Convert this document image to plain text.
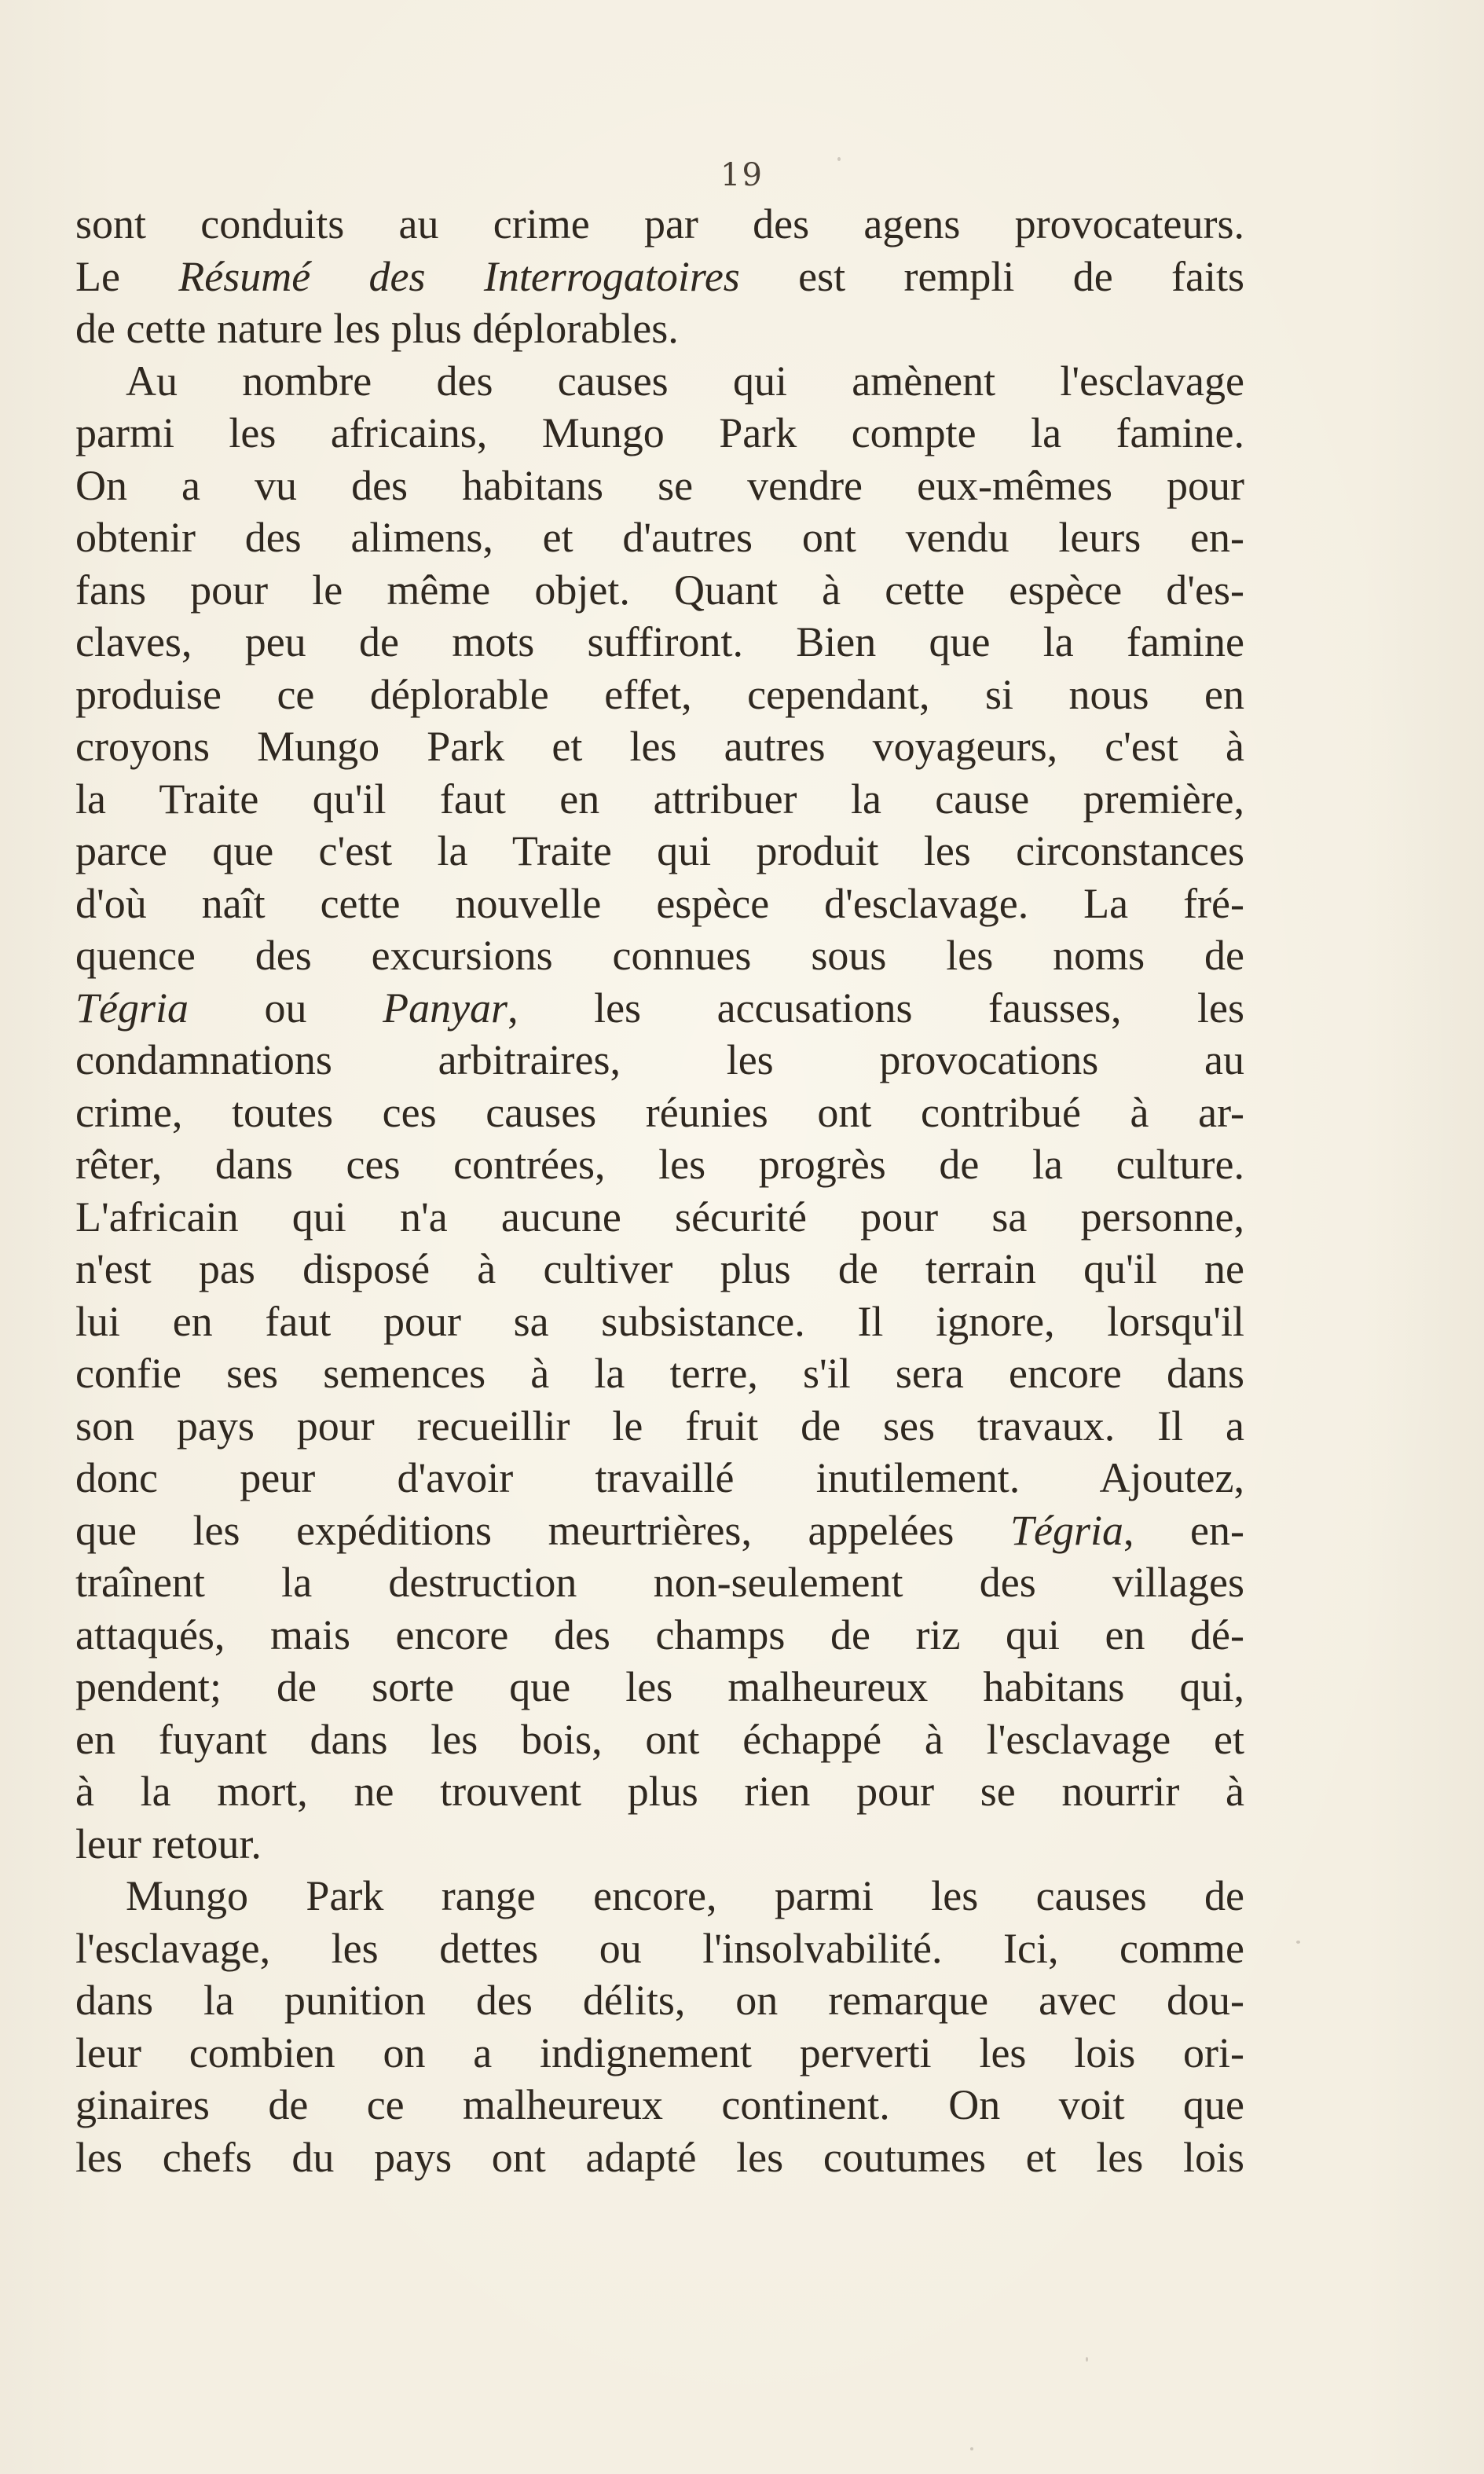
19
sont conduits au crime par des agens provocateurs.
Le Résumé des Interrogatoires est rempli de faits
de cette nature les plus déplorables.
Au nombre des causes qui amènent l'esclavage
parmi les africains, Mungo Park compte la famine.
On a vu des habitans se vendre eux-mêmes pour
obtenir des alimens, et d'autres ont vendu leurs en-
fans pour le même objet. Quant à cette espèce d'es-
claves, peu de mots suffiront. Bien que la famine
produise ce déplorable effet, cependant, si nous en
croyons Mungo Park et les autres voyageurs, c'est à
la Traite qu'il faut en attribuer la cause première,
parce que c'est la Traite qui produit les circonstances
d'où naît cette nouvelle espèce d'esclavage. La fré-
quence des excursions connues sous les noms de
Tégria ou Panyar, les accusations fausses, les
condamnations arbitraires, les provocations au
crime, toutes ces causes réunies ont contribué à ar-
rêter, dans ces contrées, les progrès de la culture.
L'africain qui n'a aucune sécurité pour sa personne,
n'est pas disposé à cultiver plus de terrain qu'il ne
lui en faut pour sa subsistance. Il ignore, lorsqu'il
confie ses semences à la terre, s'il sera encore dans
son pays pour recueillir le fruit de ses travaux. Il a
donc peur d'avoir travaillé inutilement. Ajoutez,
que les expéditions meurtrières, appelées Tégria, en-
traînent la destruction non-seulement des villages
attaqués, mais encore des champs de riz qui en dé-
pendent; de sorte que les malheureux habitans qui,
en fuyant dans les bois, ont échappé à l'esclavage et
à la mort, ne trouvent plus rien pour se nourrir à
leur retour.
Mungo Park range encore, parmi les causes de
l'esclavage, les dettes ou l'insolvabilité. Ici, comme
dans la punition des délits, on remarque avec dou-
leur combien on a indignement perverti les lois ori-
ginaires de ce malheureux continent. On voit que
les chefs du pays ont adapté les coutumes et les lois
